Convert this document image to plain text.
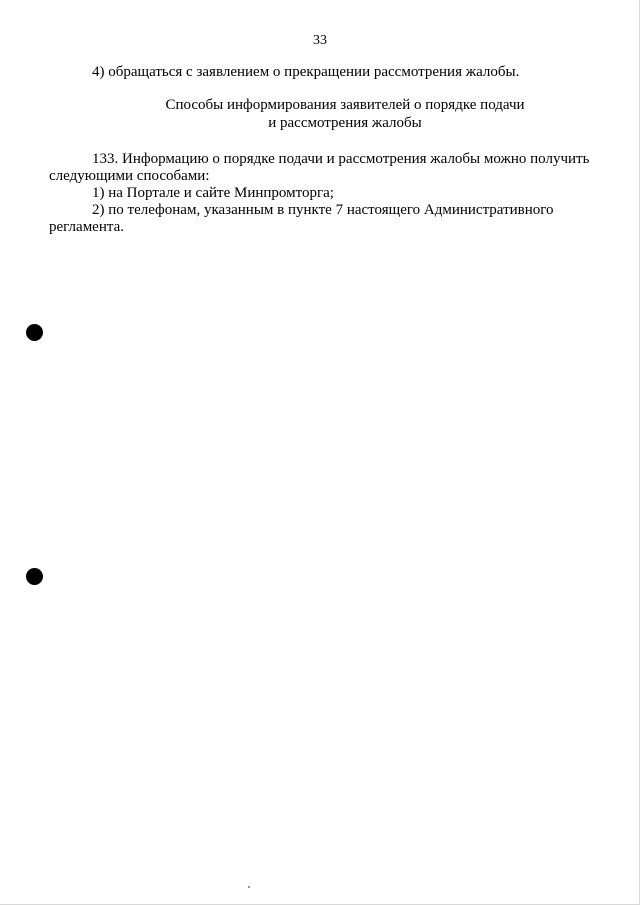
33
4) обращаться с заявлением о прекращении рассмотрения жалобы.
Способы информирования заявителей о порядке подачи
и рассмотрения жалобы
133. Информацию о порядке подачи и рассмотрения жалобы можно получить
следующими способами:
1) на Портале и сайте Минпромторга;
2) по телефонам, указанным в пункте 7 настоящего Административного
регламента.
